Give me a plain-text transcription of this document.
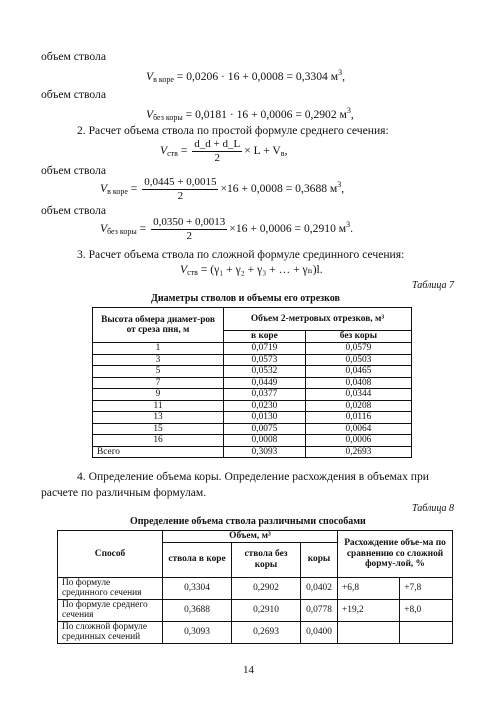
объем ствола
$V_{в коре} = 0,0206 \cdot 16 + 0,0008 = 0,3304$ $м^3$,
объем ствола
$V_{без коры} = 0,0181 \cdot 16 + 0,0006 = 0,2902$ $м^3$,
2. Расчет объема ствола по простой формуле среднего сечения:
$V_{ств} = \frac{d\_d + d\_L}{2} \times L + V_в$,
объем ствола
$V_{в коре} = \frac{0,0445 + 0,0015}{2} \times 16 + 0,0008 = 0,3688$ $м^3$,
объем ствола
$V_{без коры} = \frac{0,0350 + 0,0013}{2} \times 16 + 0,0006 = 0,2910$ $м^3$.
3. Расчет объема ствола по сложной формуле срединного сечения:
$V_{ств} = (\gamma_1 + \gamma_2 + \gamma_3$ + … + γₙ)l.
Таблица 7
Диаметры стволов и объемы его отрезков
Высота обмера диамет-ров от среза пня, м	Объем 2-метровых отрезков, м³	
	в коре	без коры
1	0,0719	0,0579
3	0,0573	0,0503
5	0,0532	0,0465
7	0,0449	0,0408
9	0,0377	0,0344
11	0,0230	0,0208
13	0,0130	0,0116
15	0,0075	0,0064
16	0,0008	0,0006
Всего	0,3093	0,2693
4. Определение объема коры. Определение расхождения в объемах при
расчете по различным формулам.
Таблица 8
Определение объема ствола различными способами
Способ	Объем, м³			Расхождение объе-ма по сравнению со сложной форму-лой, %	
	ствола в коре	ствола без коры	коры		
По формуле срединного сечения	0,3304	0,2902	0,0402	+6,8	+7,8
По формуле среднего сечения	0,3688	0,2910	0,0778	+19,2	+8,0
По сложной формуле срединных сечений	0,3093	0,2693	0,0400		
14
